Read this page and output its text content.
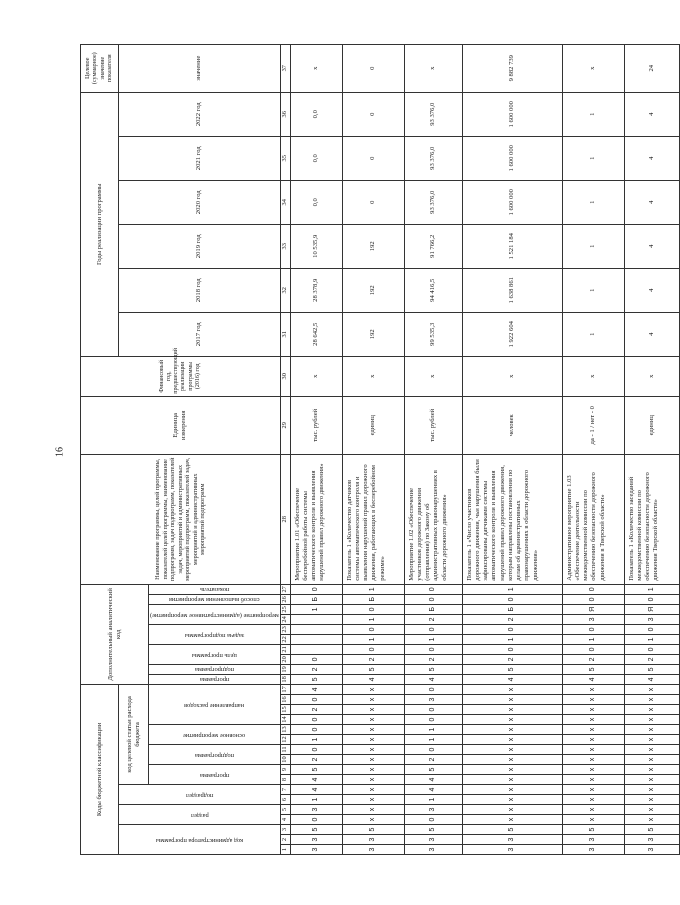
16
Коды бюджетной классификации																	Дополнительный аналитический код										Наименование программы, целей программы, показателей целей программы, наименование подпрограмм, задач подпрограмм, показателей задач, мероприятий и административных мероприятий подпрограмм, показателей задач, мероприятий и административных мероприятий подпрограмм	Единица измерения	Финансовый год, предшествующий реализации программы (2016) год	Годы реализации программы						Целевое (суммарное) значение показателя	

код администратора программы			раздел		подраздел		код целевой статьи расхода бюджета																							2017 год	2018 год	2019 год	2020 год	2021 год	2022 год	значение	

							программа		подпрограмма		основное мероприятие		направление расходов				программа	подпрограмма	цель программы		задача подпрограммы		мероприятие (административное мероприятие)		способ выполнения мероприятия	показатель

1	2	3	4	5	6	7	8	9	10	11	12	13	14	15	16	17	18	19	20	21	22	23	24	25	26	27	28	29	30	31	32	33	34	35	36	37	
3	3	5	0	3	1	4	4	5	2	0	1	0	0	2	0	4	5	2	0					1	Б	0	Мероприятие 1.01 «Обеспечение бесперебойной работы системы автоматического контроля и выявления нарушений правил дорожного движения»	тыс. рублей	х	28 642,5	28 378,9	10 535,9	0,0	0,0	0,0	х	
3	3	5	х	х	х	х	х	х	х	х	х	х	х	х	х	х	4	5	2	0	1	0	1	0	Б	1	Показатель 1 «Количество датчиков системы автоматического контроля и выявления нарушений правил дорожного движения, работающих в бесперебойном режиме»	единиц	х	192	192	192	0	0	0	0	
3	3	5	0	3	1	4	4	5	2	0	1	1	0	0	3	0	4	5	2	0	1	0	2	Б	0	0	Мероприятие 1.02 «Обеспечение участников дорожного движения (отправления) по Закону об административных правонарушениях в области дорожного движения»	тыс. рублей	х	99 535,3	94 416,5	91 766,2	93 376,0	93 376,0	93 376,0	х	
3	3	5	х	х	х	х	х	х	х	х	х	х	х	х	х	х	4	5	2	0	1	0	2	Б	0	1	Показатель 1 «Число участников дорожного движения, чьи нарушения были зафиксированы датчиками системы автоматического контроля и выявления нарушений правил дорожного движения, которым направлены постановления по делам об административных правонарушениях в области дорожного движения»	человек	х	1 922 604	1 638 861	1 521 184	1 600 000	1 600 000	1 600 000	9 882 739	
3	3	5	х	х	х	х	х	х	х	х	х	х	х	х	х	х	4	5	2	0	1	0	3	Я	0	0	Административное мероприятие 1.03 «Обеспечение деятельности межведомственной комиссии по обеспечению безопасности дорожного движения в Тверской области»	да - 1 / нет - 0	х	1	1	1	1	1	1	х	
3	3	5	х	х	х	х	х	х	х	х	х	х	х	х	х	х	4	5	2	0	1	0	3	Я	0	1	Показатель 1 «Количество заседаний межведомственной комиссии по обеспечению безопасности дорожного движения Тверской области»	единиц	х	4	4	4	4	4	4	24	
